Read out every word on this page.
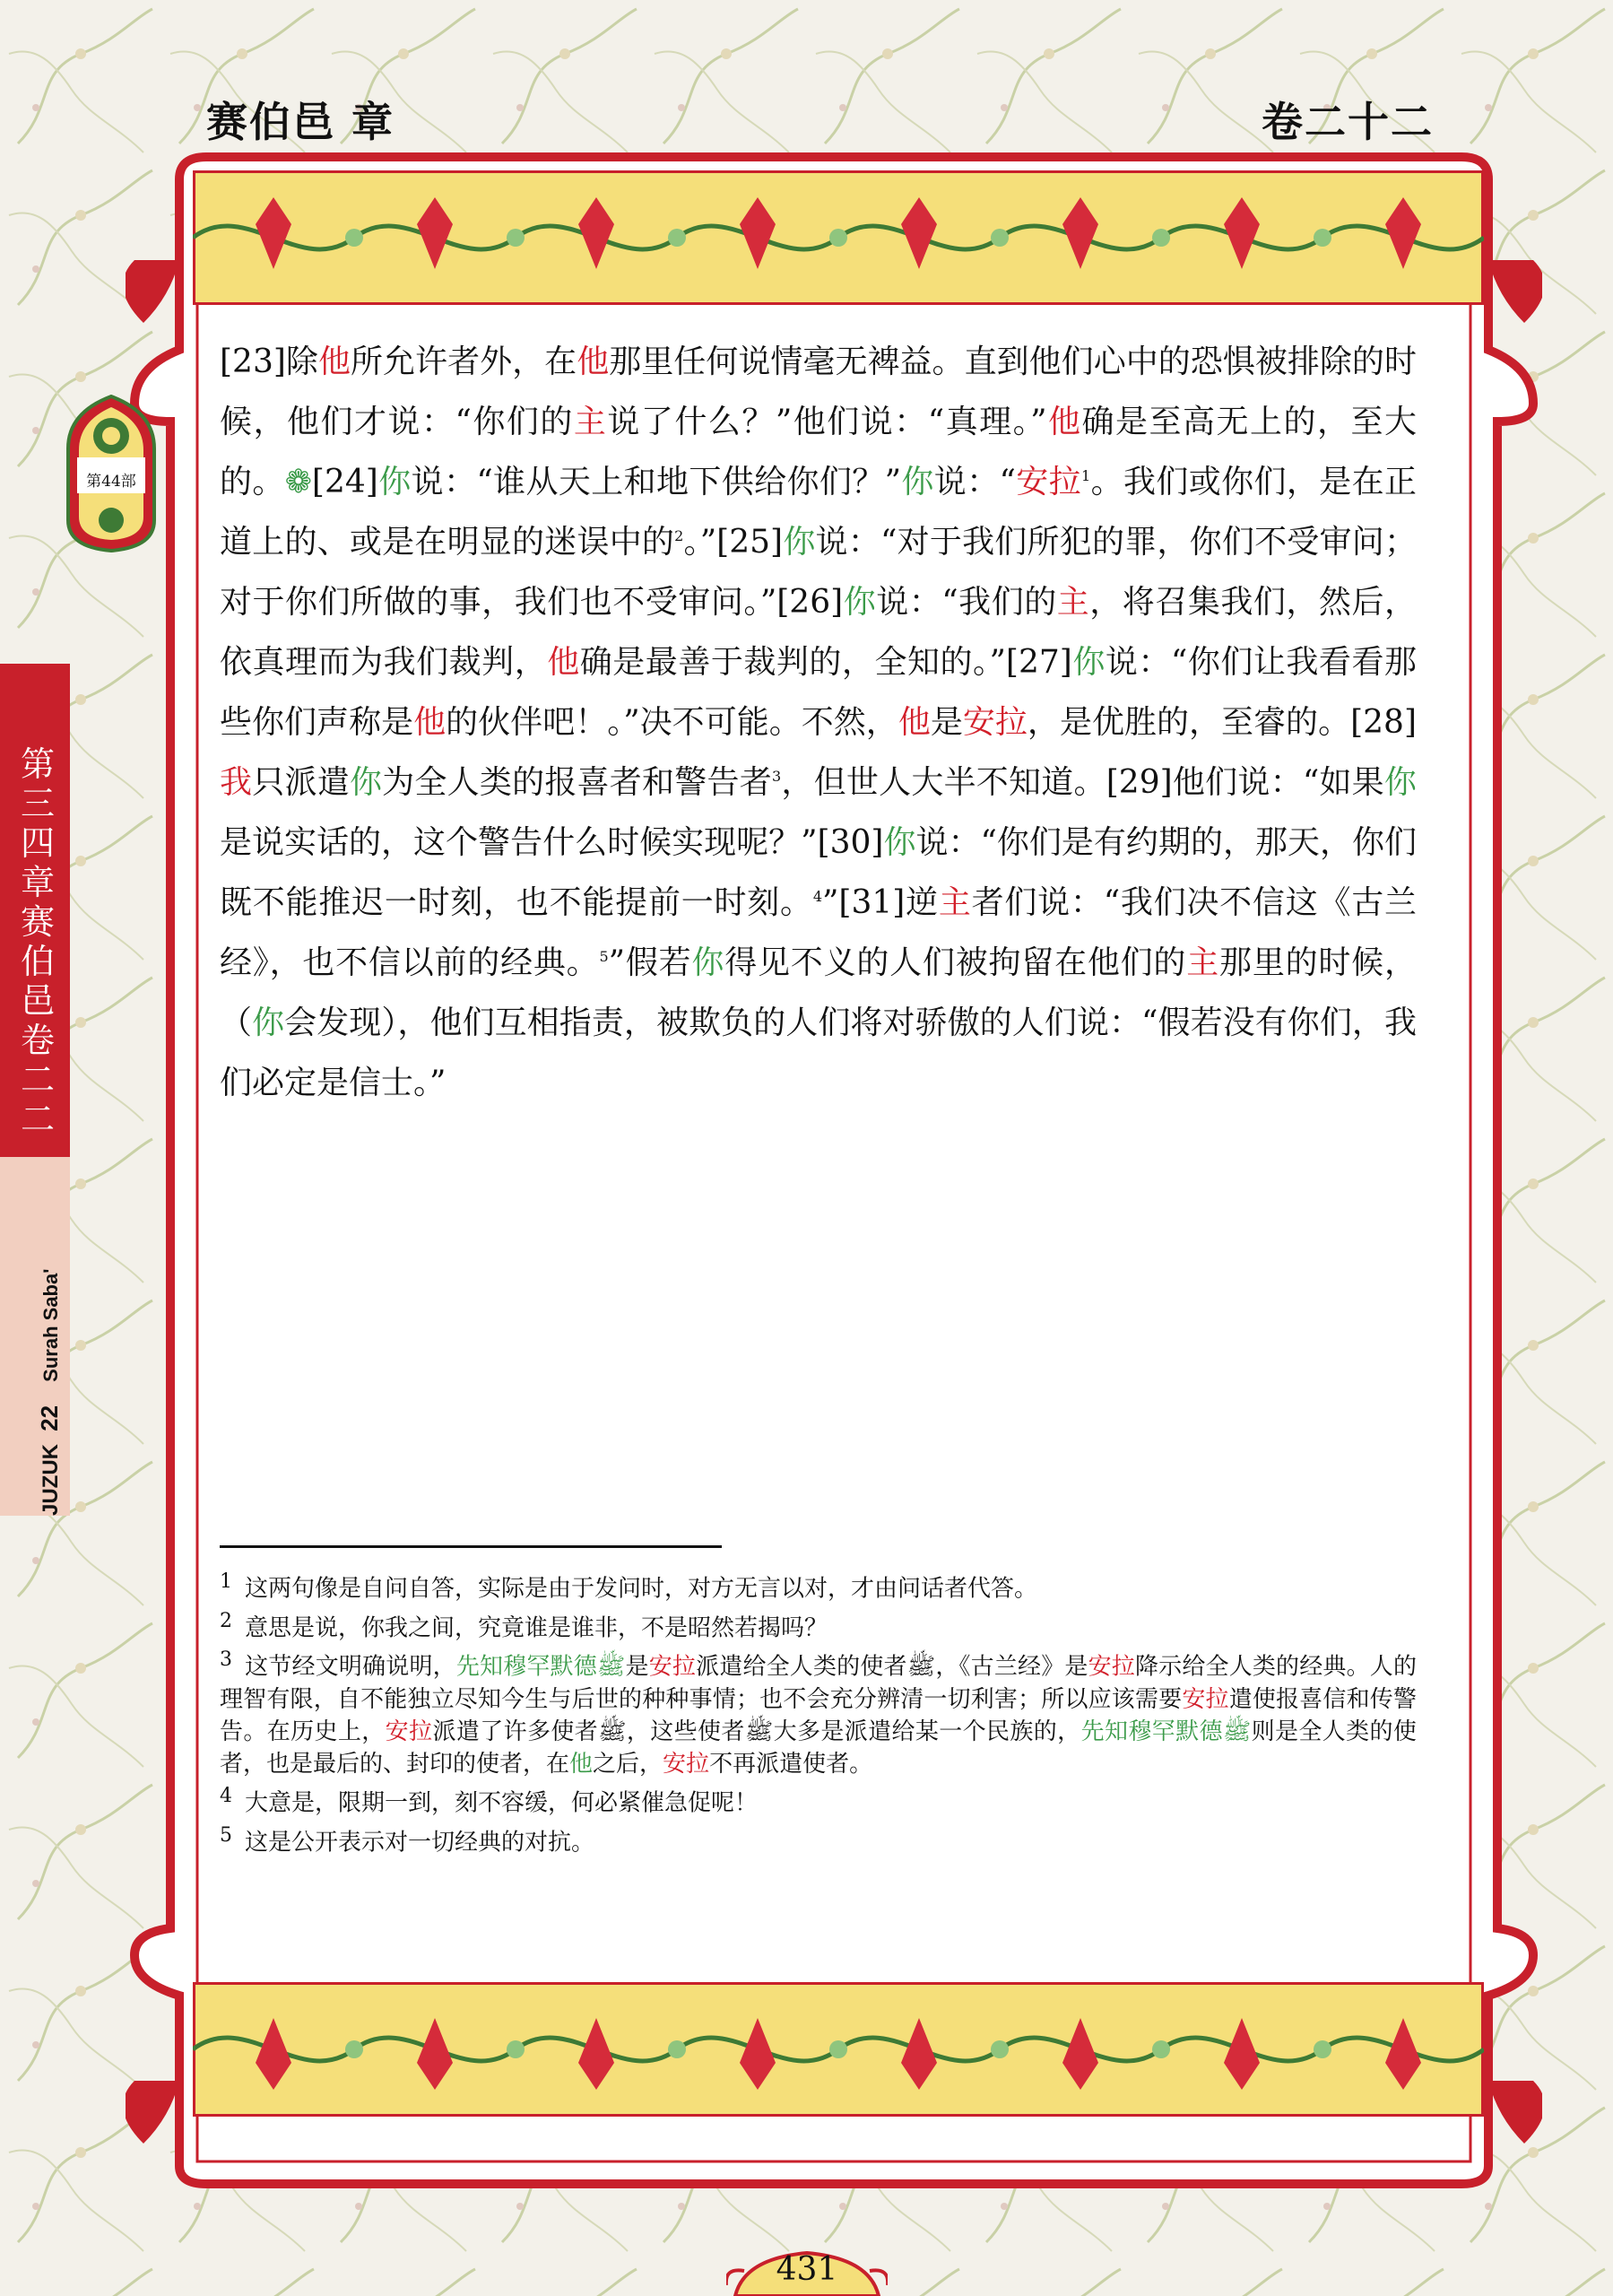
赛伯邑 章	卷二十二
第44部
第三四章 赛伯邑 卷二二
JUZUK 22 Surah Saba'
[23]除他所允许者外，在他那里任何说情毫无裨益。直到他们心中的恐惧被排除的时候，他们才说：“你们的主说了什么？”他们说：“真理。”他确是至高无上的，至大的。❁[24]你说：“谁从天上和地下供给你们？”你说：“安拉$^1$。我们或你们，是在正道上的、或是在明显的迷误中的$^2$。”[25]你说：“对于我们所犯的罪，你们不受审问；对于你们所做的事，我们也不受审问。”[26]你说：“我们的主，将召集我们，然后，依真理而为我们裁判，他确是最善于裁判的，全知的。”[27]你说：“你们让我看看那些你们声称是他的伙伴吧！。”决不可能。不然，他是安拉，是优胜的，至睿的。[28]我只派遣你为全人类的报喜者和警告者$^3$，但世人大半不知道。[29]他们说：“如果你是说实话的，这个警告什么时候实现呢？”[30]你说：“你们是有约期的，那天，你们既不能推迟一时刻，也不能提前一时刻。$^4$”[31]逆主者们说：“我们决不信这《古兰经》，也不信以前的经典。$^5$”假若你得见不义的人们被拘留在他们的主那里的时候，（你会发现），他们互相指责，被欺负的人们将对骄傲的人们说：“假若没有你们，我们必定是信士。”

$^1$ 这两句像是自问自答，实际是由于发问时，对方无言以对，才由问话者代答。

$^2$ 意思是说，你我之间，究竟谁是谁非，不是昭然若揭吗？

$^3$ 这节经文明确说明，先知穆罕默德ﷺ是安拉派遣给全人类的使者ﷺ，《古兰经》是安拉降示给全人类的经典。人的理智有限，自不能独立尽知今生与后世的种种事情；也不会充分辨清一切利害；所以应该需要安拉遣使报喜信和传警告。在历史上，安拉派遣了许多使者ﷺ，这些使者ﷺ大多是派遣给某一个民族的，先知穆罕默德ﷺ则是全人类的使者，也是最后的、封印的使者，在他之后，安拉不再派遣使者。

$^4$ 大意是，限期一到，刻不容缓，何必紧催急促呢！

$^5$ 这是公开表示对一切经典的对抗。

431
